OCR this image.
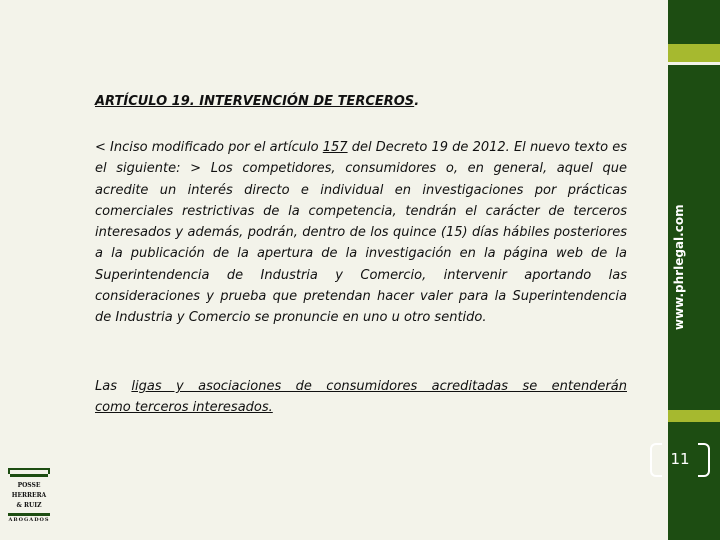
www.phrlegal.com
11
ARTÍCULO 19. INTERVENCIÓN DE TERCEROS.
< Inciso modificado por el artículo 157 del Decreto 19 de 2012. El nuevo texto es el siguiente: > Los competidores, consumidores o, en general, aquel que acredite un interés directo e individual en investigaciones por prácticas comerciales restrictivas de la competencia, tendrán el carácter de terceros interesados y además, podrán, dentro de los quince (15) días hábiles posteriores a la publicación de la apertura de la investigación en la página web de la Superintendencia de Industria y Comercio, intervenir aportando las consideraciones y prueba que pretendan hacer valer para la Superintendencia de Industria y Comercio se pronuncie en uno u otro sentido.
Las ligas y asociaciones de consumidores acreditadas se entenderán
como terceros interesados.
POSSE
HERRERA
& RUIZ
ABOGADOS
